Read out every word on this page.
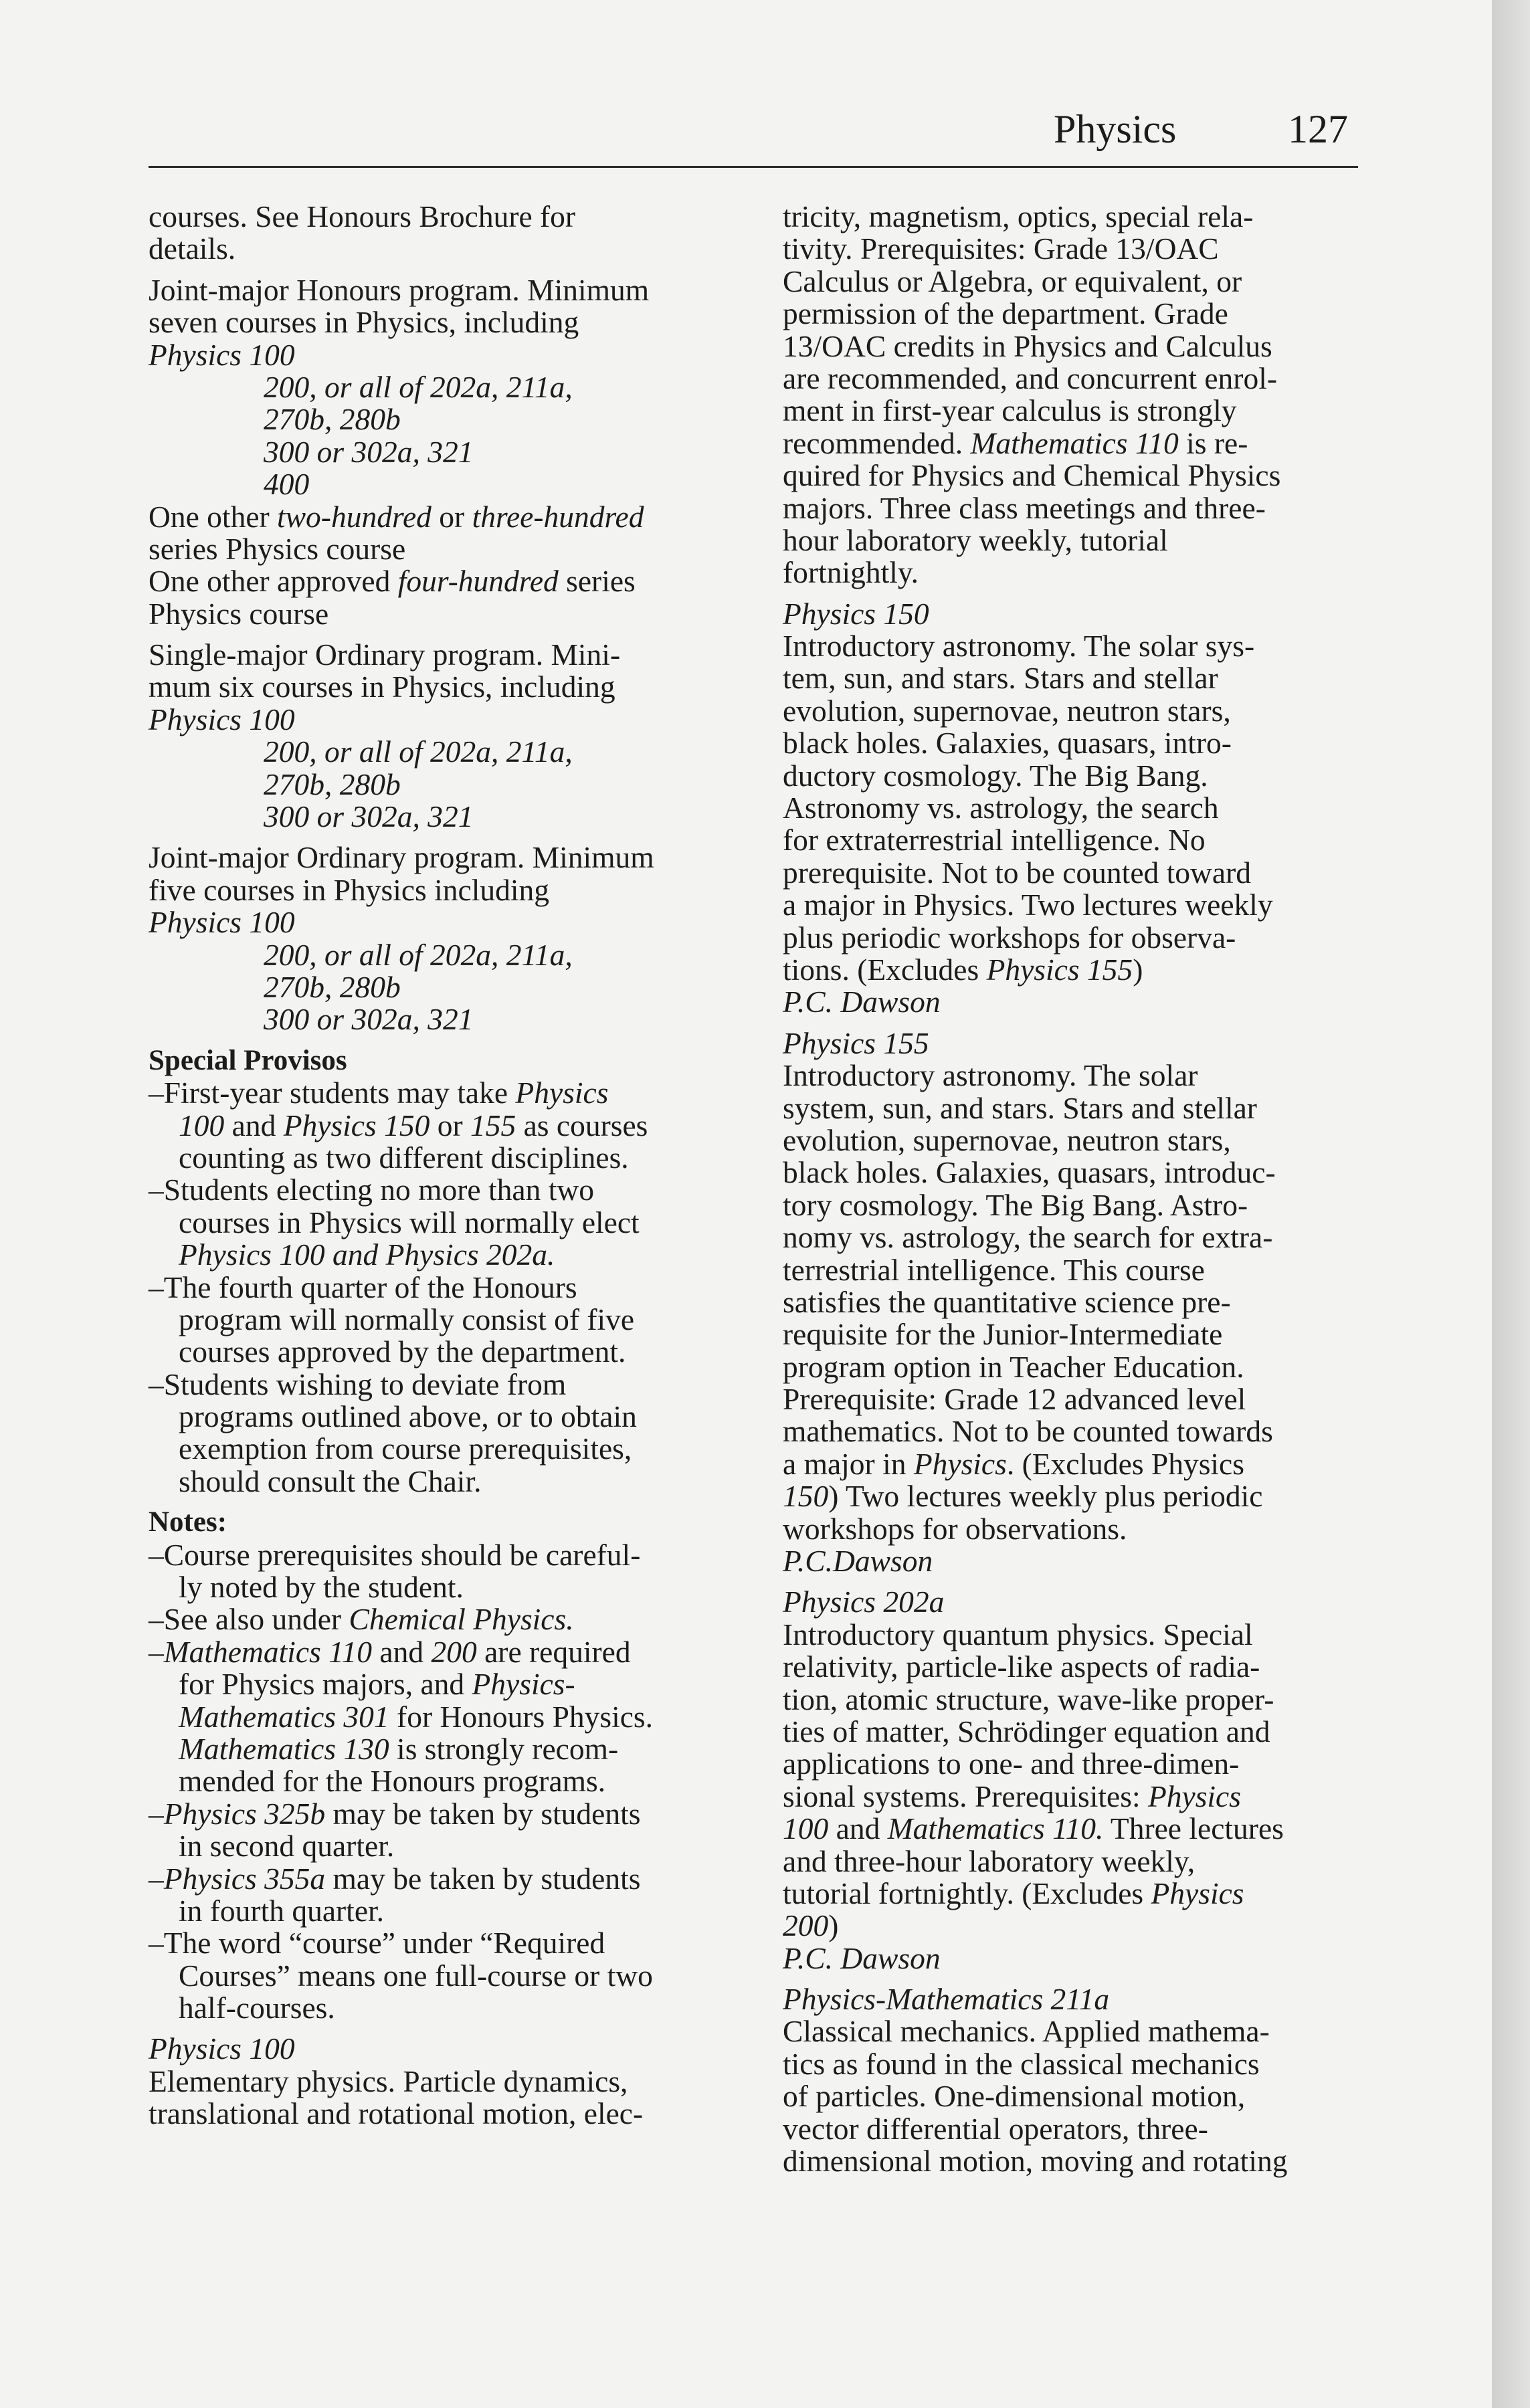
Physics	127
courses. See Honours Brochure for
details.
Joint-major Honours program. Minimum
seven courses in Physics, including
Physics 100
200, or all of 202a, 211a,
270b, 280b
300 or 302a, 321
400
One other two-hundred or three-hundred
series Physics course
One other approved four-hundred series
Physics course
Single-major Ordinary program. Mini-
mum six courses in Physics, including
Physics 100
200, or all of 202a, 211a,
270b, 280b
300 or 302a, 321
Joint-major Ordinary program. Minimum
five courses in Physics including
Physics 100
200, or all of 202a, 211a,
270b, 280b
300 or 302a, 321
Special Provisos
–First-year students may take Physics
100 and Physics 150 or 155 as courses
counting as two different disciplines.
–Students electing no more than two
courses in Physics will normally elect
Physics 100 and Physics 202a.
–The fourth quarter of the Honours
program will normally consist of five
courses approved by the department.
–Students wishing to deviate from
programs outlined above, or to obtain
exemption from course prerequisites,
should consult the Chair.
Notes:
–Course prerequisites should be careful-
ly noted by the student.
–See also under Chemical Physics.
–Mathematics 110 and 200 are required
for Physics majors, and Physics-
Mathematics 301 for Honours Physics.
Mathematics 130 is strongly recom-
mended for the Honours programs.
–Physics 325b may be taken by students
in second quarter.
–Physics 355a may be taken by students
in fourth quarter.
–The word “course” under “Required
Courses” means one full-course or two
half-courses.
Physics 100
Elementary physics. Particle dynamics,
translational and rotational motion, elec-
tricity, magnetism, optics, special rela-
tivity. Prerequisites: Grade 13/OAC
Calculus or Algebra, or equivalent, or
permission of the department. Grade
13/OAC credits in Physics and Calculus
are recommended, and concurrent enrol-
ment in first-year calculus is strongly
recommended. Mathematics 110 is re-
quired for Physics and Chemical Physics
majors. Three class meetings and three-
hour laboratory weekly, tutorial
fortnightly.
Physics 150
Introductory astronomy. The solar sys-
tem, sun, and stars. Stars and stellar
evolution, supernovae, neutron stars,
black holes. Galaxies, quasars, intro-
ductory cosmology. The Big Bang.
Astronomy vs. astrology, the search
for extraterrestrial intelligence. No
prerequisite. Not to be counted toward
a major in Physics. Two lectures weekly
plus periodic workshops for observa-
tions. (Excludes Physics 155)
P.C. Dawson
Physics 155
Introductory astronomy. The solar
system, sun, and stars. Stars and stellar
evolution, supernovae, neutron stars,
black holes. Galaxies, quasars, introduc-
tory cosmology. The Big Bang. Astro-
nomy vs. astrology, the search for extra-
terrestrial intelligence. This course
satisfies the quantitative science pre-
requisite for the Junior-Intermediate
program option in Teacher Education.
Prerequisite: Grade 12 advanced level
mathematics. Not to be counted towards
a major in Physics. (Excludes Physics
150) Two lectures weekly plus periodic
workshops for observations.
P.C.Dawson
Physics 202a
Introductory quantum physics. Special
relativity, particle-like aspects of radia-
tion, atomic structure, wave-like proper-
ties of matter, Schrödinger equation and
applications to one- and three-dimen-
sional systems. Prerequisites: Physics
100 and Mathematics 110. Three lectures
and three-hour laboratory weekly,
tutorial fortnightly. (Excludes Physics
200)
P.C. Dawson
Physics-Mathematics 211a
Classical mechanics. Applied mathema-
tics as found in the classical mechanics
of particles. One-dimensional motion,
vector differential operators, three-
dimensional motion, moving and rotating
